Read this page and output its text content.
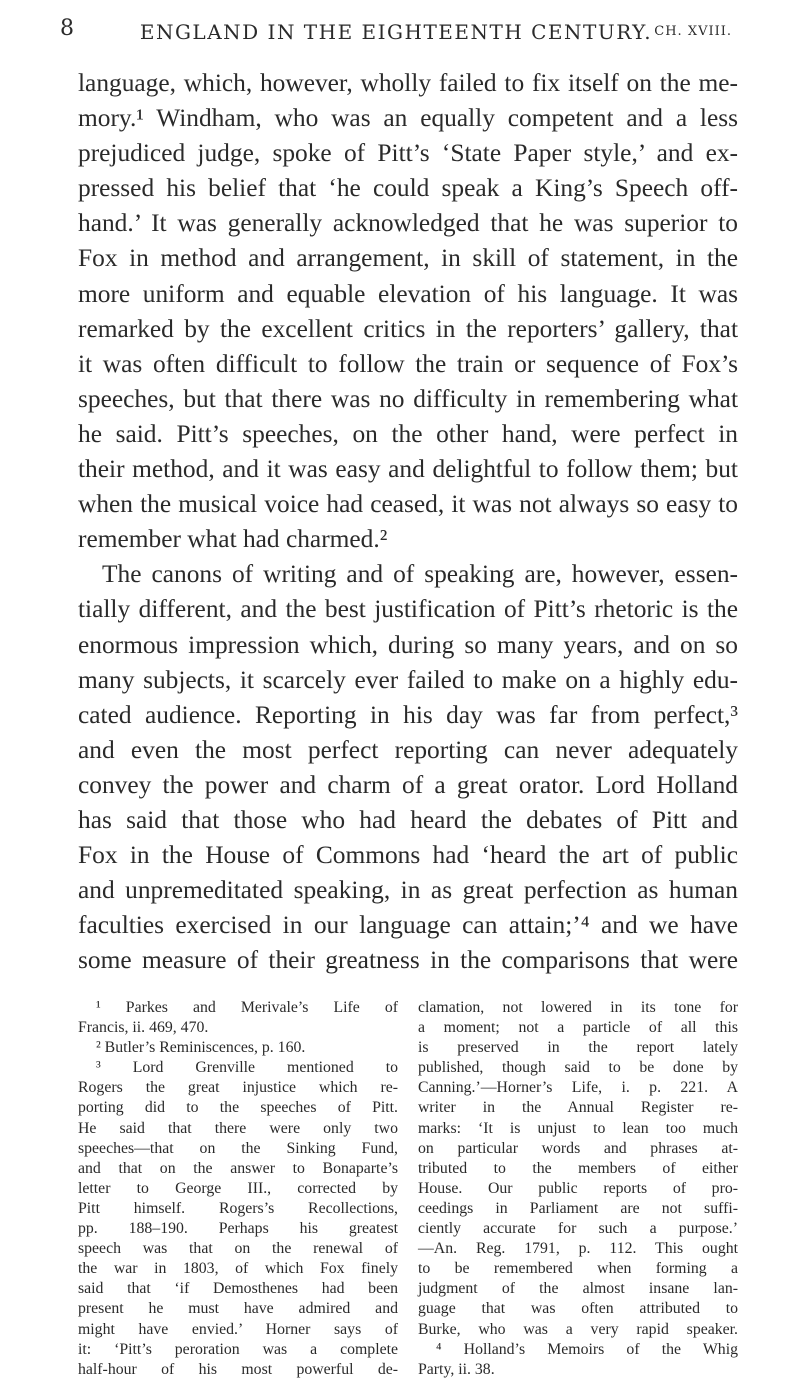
8	ENGLAND IN THE EIGHTEENTH CENTURY. CH. XVIII.
language, which, however, wholly failed to fix itself on the me-
mory.¹ Windham, who was an equally competent and a less
prejudiced judge, spoke of Pitt’s ‘State Paper style,’ and ex-
pressed his belief that ‘he could speak a King’s Speech off-
hand.’ It was generally acknowledged that he was superior to
Fox in method and arrangement, in skill of statement, in the
more uniform and equable elevation of his language. It was
remarked by the excellent critics in the reporters’ gallery, that
it was often difficult to follow the train or sequence of Fox’s
speeches, but that there was no difficulty in remembering what
he said. Pitt’s speeches, on the other hand, were perfect in
their method, and it was easy and delightful to follow them; but
when the musical voice had ceased, it was not always so easy to
remember what had charmed.²
The canons of writing and of speaking are, however, essen-
tially different, and the best justification of Pitt’s rhetoric is the
enormous impression which, during so many years, and on so
many subjects, it scarcely ever failed to make on a highly edu-
cated audience. Reporting in his day was far from perfect,³
and even the most perfect reporting can never adequately
convey the power and charm of a great orator. Lord Holland
has said that those who had heard the debates of Pitt and
Fox in the House of Commons had ‘heard the art of public
and unpremeditated speaking, in as great perfection as human
faculties exercised in our language can attain;’⁴ and we have
some measure of their greatness in the comparisons that were
¹ Parkes and Merivale’s Life of
Francis, ii. 469, 470.
² Butler’s Reminiscences, p. 160.
³ Lord Grenville mentioned to
Rogers the great injustice which re-
porting did to the speeches of Pitt.
He said that there were only two
speeches—that on the Sinking Fund,
and that on the answer to Bonaparte’s
letter to George III., corrected by
Pitt himself. Rogers’s Recollections,
pp. 188–190. Perhaps his greatest
speech was that on the renewal of
the war in 1803, of which Fox finely
said that ‘if Demosthenes had been
present he must have admired and
might have envied.’ Horner says of
it: ‘Pitt’s peroration was a complete
half-hour of his most powerful de-
clamation, not lowered in its tone for
a moment; not a particle of all this
is preserved in the report lately
published, though said to be done by
Canning.’—Horner’s Life, i. p. 221. A
writer in the Annual Register re-
marks: ‘It is unjust to lean too much
on particular words and phrases at-
tributed to the members of either
House. Our public reports of pro-
ceedings in Parliament are not suffi-
ciently accurate for such a purpose.’
—An. Reg. 1791, p. 112. This ought
to be remembered when forming a
judgment of the almost insane lan-
guage that was often attributed to
Burke, who was a very rapid speaker.
⁴ Holland’s Memoirs of the Whig
Party, ii. 38.
